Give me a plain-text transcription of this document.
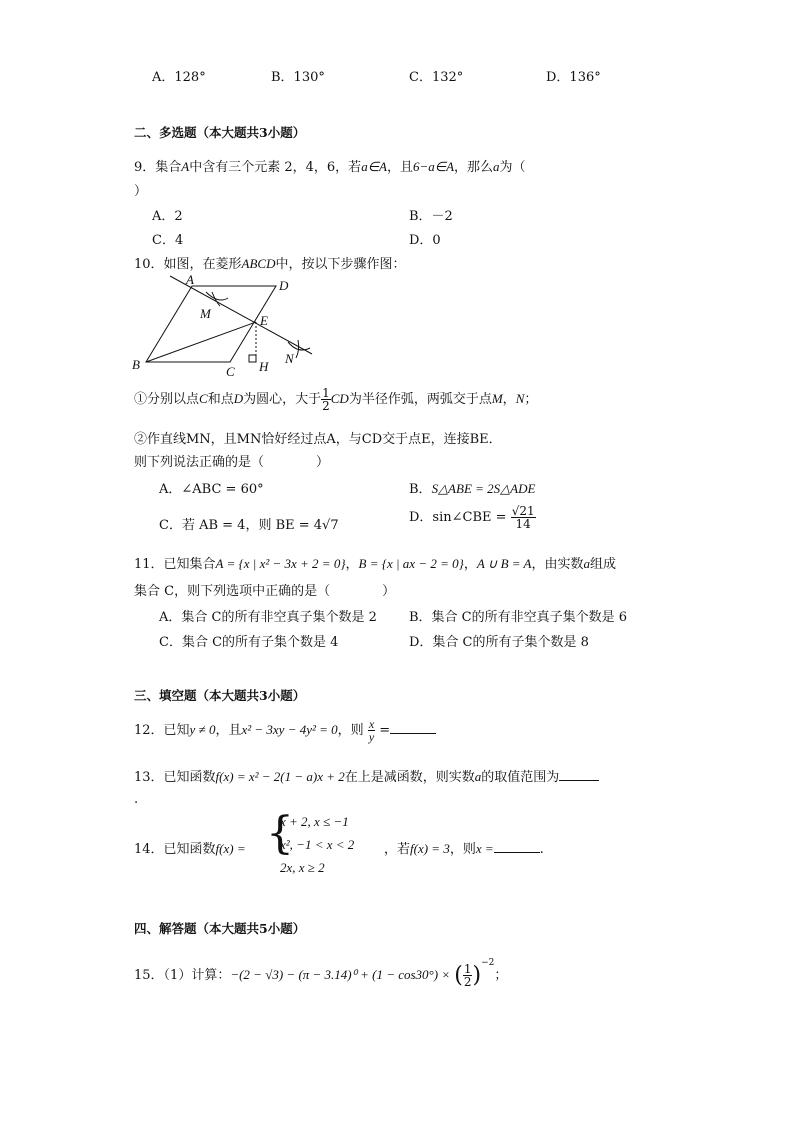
A．128°	B．130°	C．132°	D．136°
二、多选题（本大题共3小题）
9．集合A中含有三个元素 2，4，6，若a∈A，且6−a∈A，那么a为（
）
A．2	B．－2
C．4	D．0
10．如图，在菱形ABCD中，按以下步骤作图：
A	D
M	E
B	C H
N
①分别以点C和点D为圆心，大于 $\frac{1}{2}$ CD为半径作弧，两弧交于点M，N；
②作直线MN，且MN恰好经过点A，与CD交于点E，连接BE．
则下列说法正确的是（　　　　）
A．∠ABC = 60°	B．S△ABE = 2S△ADE
C．若 AB = 4，则 BE = 4√7
D．sin∠CBE = $\frac{√21}{14}$
11．已知集合A = {x | x² − 3x + 2 = 0}，B = {x | ax − 2 = 0}，A ∪ B = A，由实数a组成
集合 C，则下列选项中正确的是（　　　　）
A．集合 C的所有非空真子集个数是 2 B．集合 C的所有非空真子集个数是 6
C．集合 C的所有子集个数是 4	D．集合 C的所有子集个数是 8
三、填空题（本大题共3小题）
12．已知y ≠ 0，且x² − 3xy − 4y² = 0，则 $\frac{x}{y}$ =
13．已知函数f(x) = x² − 2(1 − a)x + 2在上是减函数，则实数a的取值范围为
.
14．已知函数f(x) = {
x + 2, x ≤ −1
x², −1 < x < 2
2x, x ≥ 2
，若f(x) = 3，则x =	.
四、解答题（本大题共5小题）
15．（1）计算：−(2 − √3) − (π − 3.14)⁰ + (1 − cos30°) × ( $\frac{1}{2} )^{-2}$；
